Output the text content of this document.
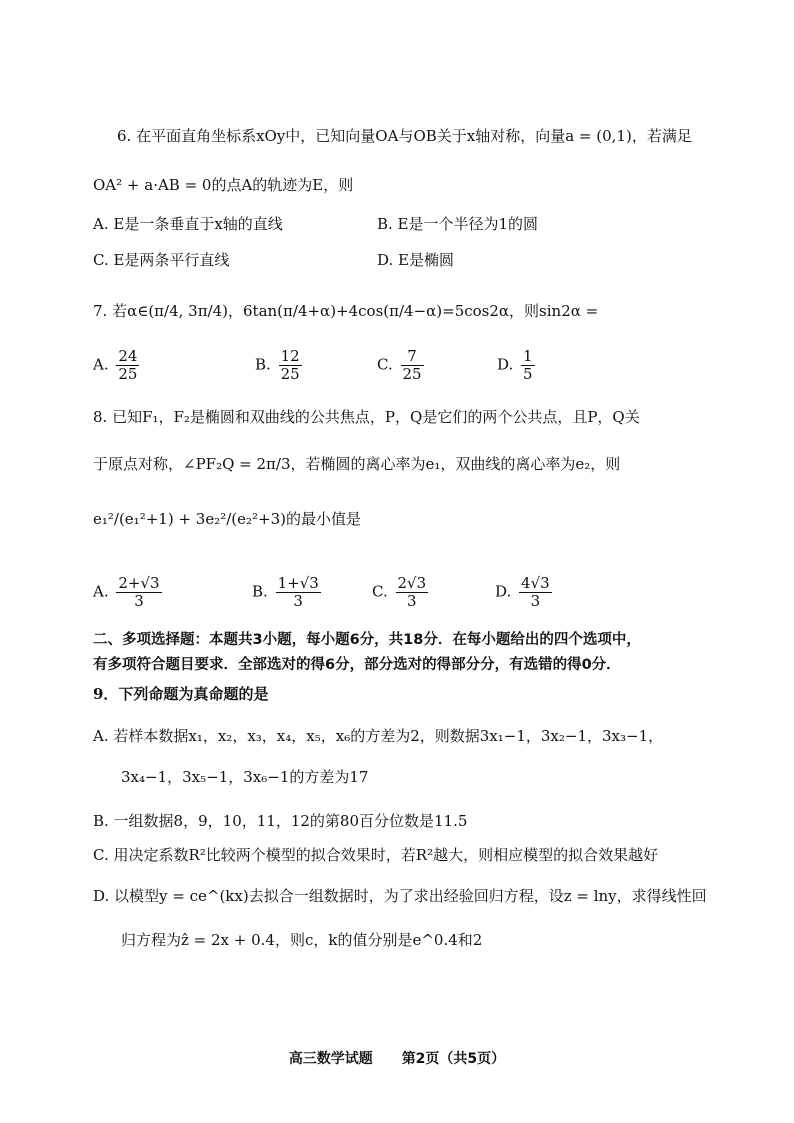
6. 在平面直角坐标系xOy中，已知向量OA与OB关于x轴对称，向量a = (0,1)，若满足
OA² + a·AB = 0的点A的轨迹为E，则
A. E是一条垂直于x轴的直线	B. E是一个半径为1的圆
C. E是两条平行直线	D. E是椭圆
7. 若α∈(π/4, 3π/4)，6tan(π/4+α)+4cos(π/4−α)=5cos2α，则sin2α =
A. $\frac{24}{25}$	B. $\frac{12}{25}$	C. $\frac{7}{25}$	D. $\frac{1}{5}$
8. 已知F₁，F₂是椭圆和双曲线的公共焦点，P，Q是它们的两个公共点，且P，Q关
于原点对称，∠PF₂Q = 2π/3，若椭圆的离心率为e₁，双曲线的离心率为e₂，则
e₁²/(e₁²+1) + 3e₂²/(e₂²+3)的最小值是
A. $\frac{2+√3}{3}$	B. $\frac{1+√3}{3}$	C. $\frac{2√3}{3}$	D. $\frac{4√3}{3}$
二、多项选择题：本题共3小题，每小题6分，共18分．在每小题给出的四个选项中，
有多项符合题目要求．全部选对的得6分，部分选对的得部分分，有选错的得0分．
9．下列命题为真命题的是
A. 若样本数据x₁，x₂，x₃，x₄，x₅，x₆的方差为2，则数据3x₁−1，3x₂−1，3x₃−1，
3x₄−1，3x₅−1，3x₆−1的方差为17
B. 一组数据8，9，10，11，12的第80百分位数是11.5
C. 用决定系数R²比较两个模型的拟合效果时，若R²越大，则相应模型的拟合效果越好
D. 以模型y = ce^(kx)去拟合一组数据时，为了求出经验回归方程，设z = lny，求得线性回
归方程为ẑ = 2x + 0.4，则c，k的值分别是e^0.4和2
高三数学试题 第2页（共5页）
